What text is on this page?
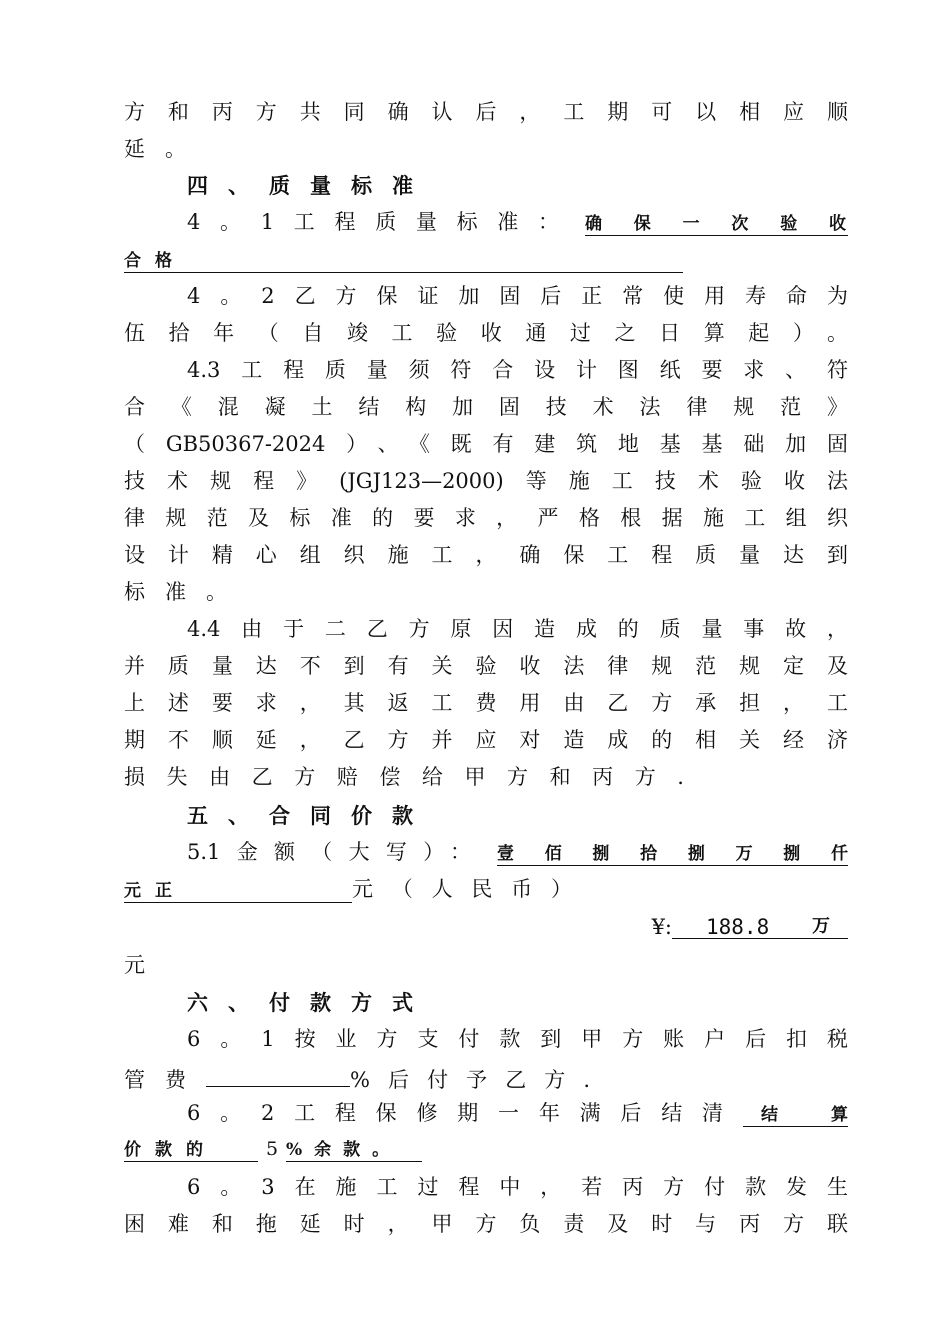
方和丙方共同确认后，工期可以相应顺
延。
四、质量标准
4。1工程质量标准： 确保一次验收
合格
4。2乙方保证加固后正常使用寿命为
伍拾年（自竣工验收通过之日算起）。
4.3工程质量须符合设计图纸要求、符
合《混凝土结构加固技术法律规范》
（GB50367-2024）、《既有建筑地基基础加固
技术规程》(JGJ123—2000)等施工技术验收法
律规范及标准的要求，严格根据施工组织
设计精心组织施工，确保工程质量达到
标准。
4.4由于二乙方原因造成的质量事故，
并质量达不到有关验收法律规范规定及
上述要求，其返工费用由乙方承担，工
期不顺延，乙方并应对造成的相关经济
损失由乙方赔偿给甲方和丙方.
五、合同价款
5.1金额（大写）： 壹佰捌拾捌万捌仟
元正	元（人民币）
¥: 188.8 万
元
六、付款方式
6。1按业方支付款到甲方账户后扣税
管费	%后付予乙方.
6。2工程保修期一年满后结清	结算
价款的	5 %余款。
6。3在施工过程中，若丙方付款发生
困难和拖延时，甲方负责及时与丙方联
